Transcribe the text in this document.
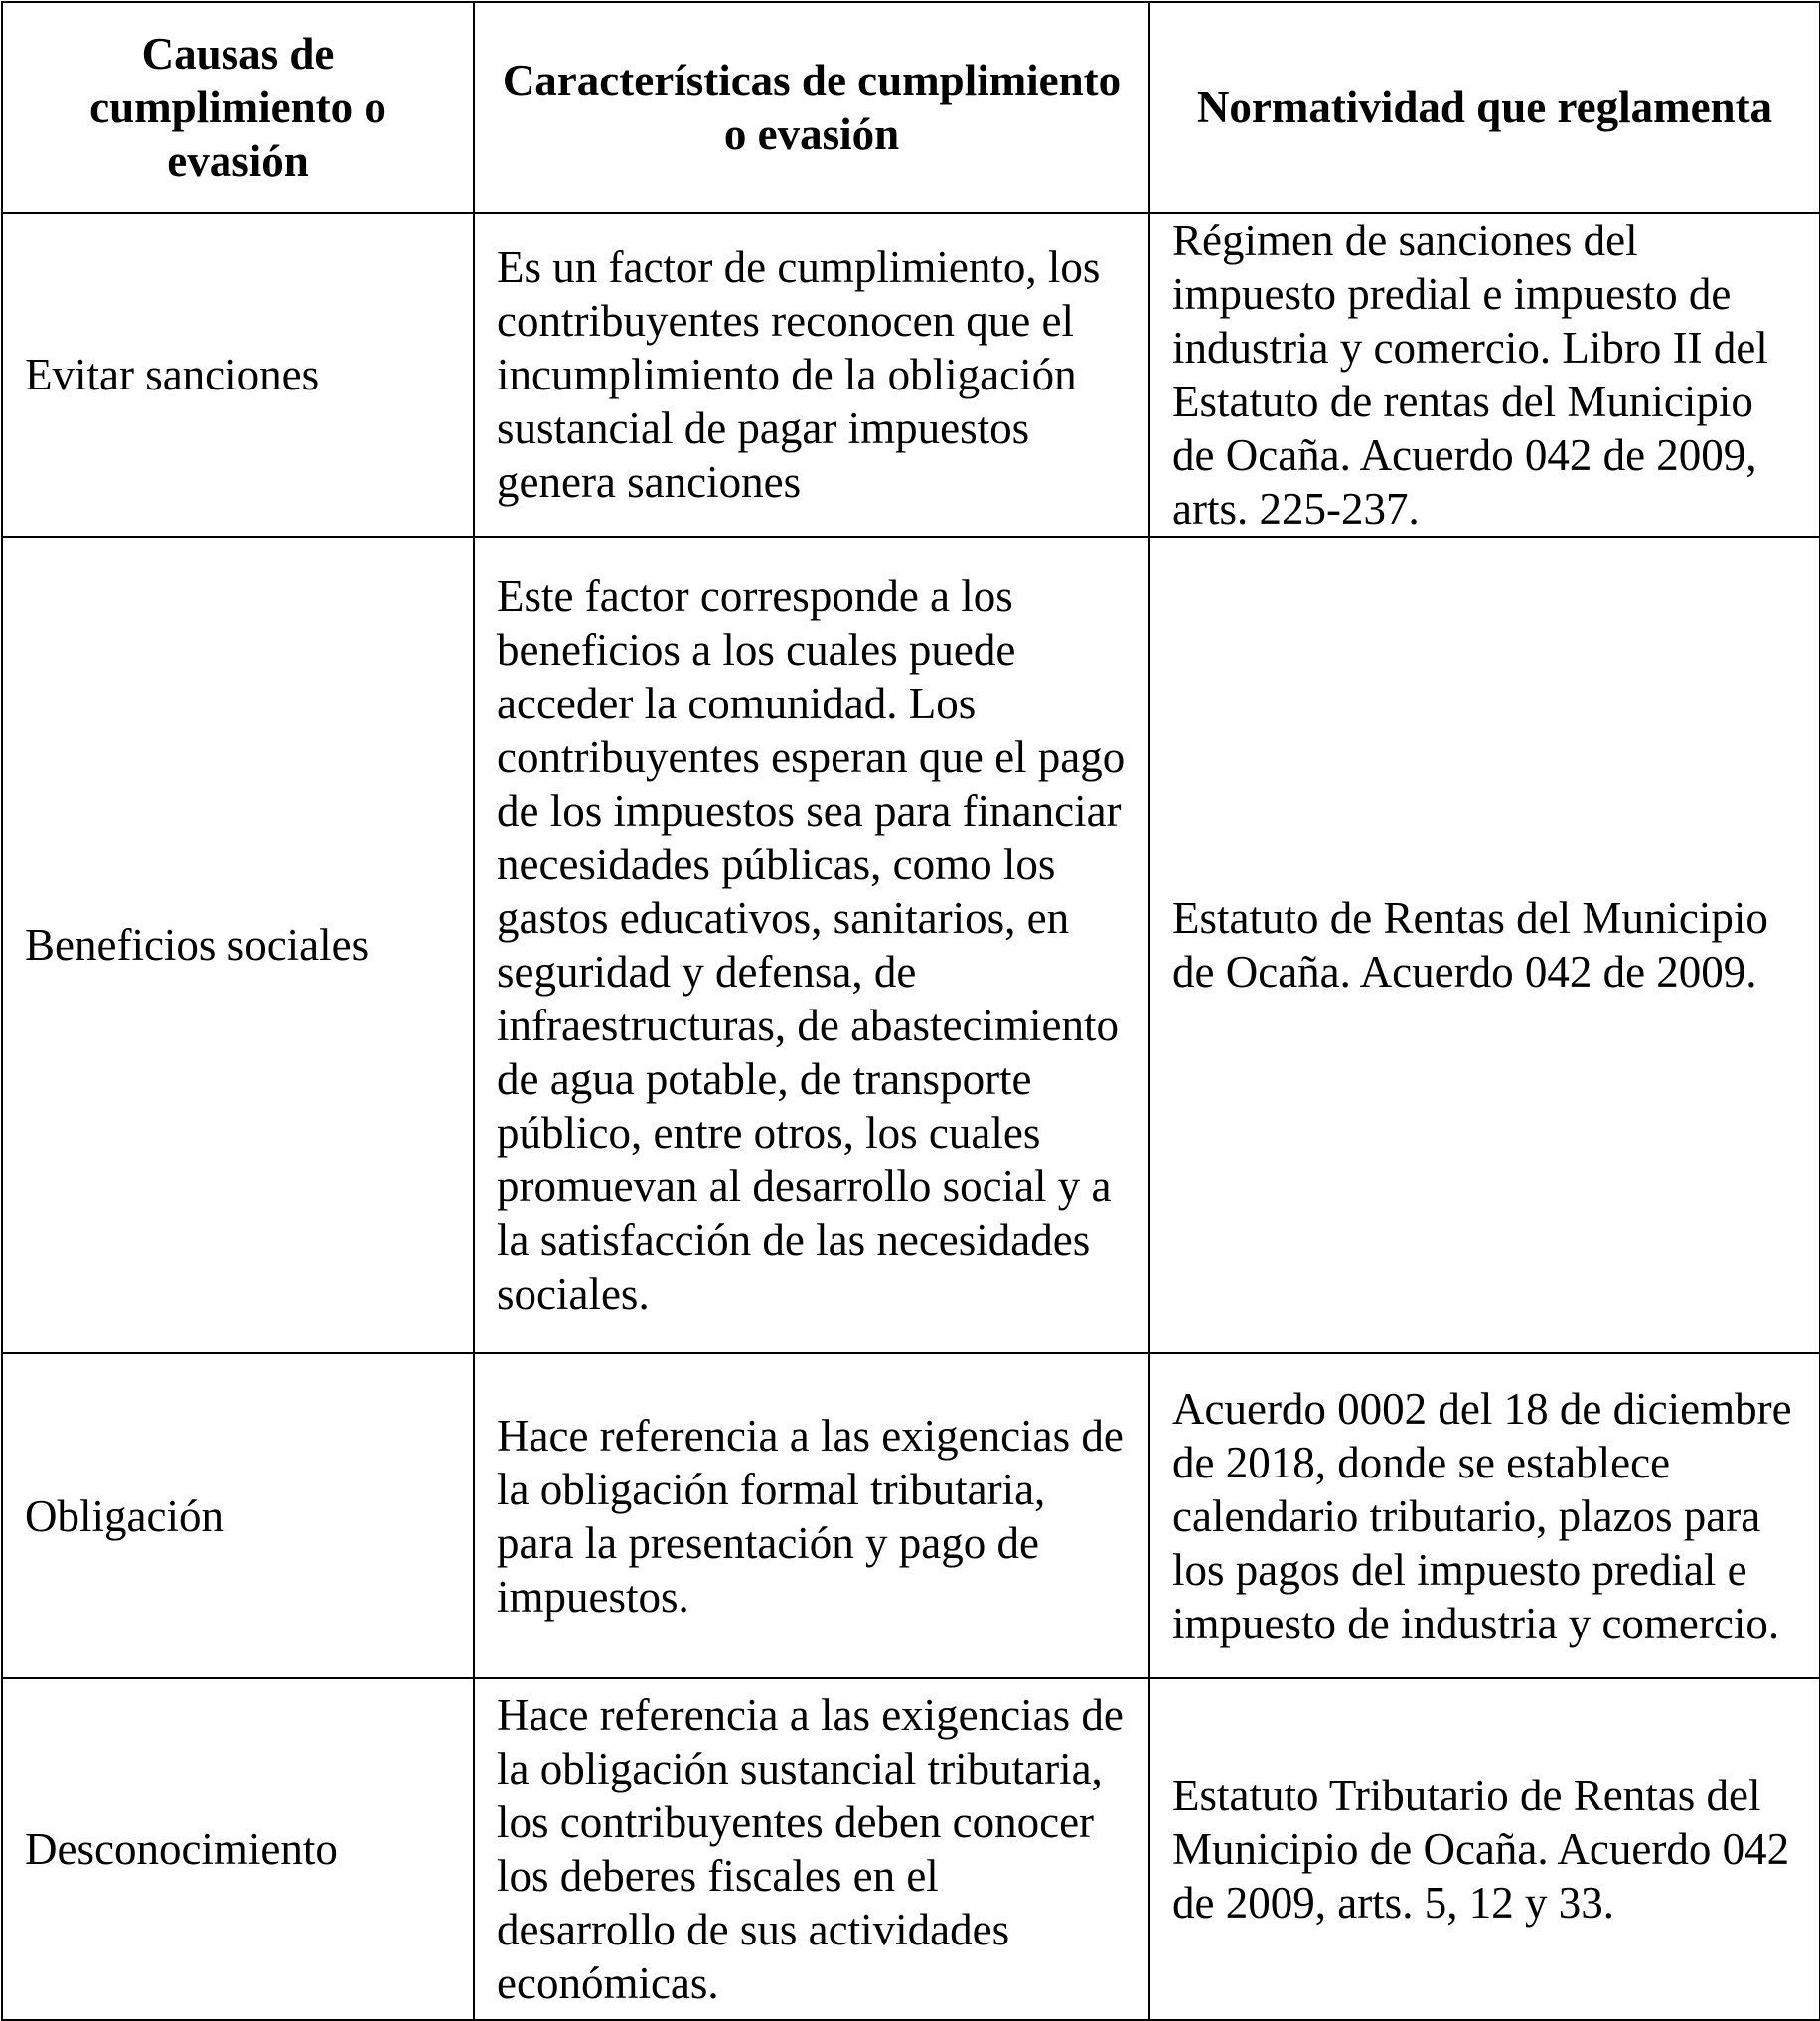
Causas de cumplimiento o evasión	Características de cumplimiento o evasión	Normatividad que reglamenta
Evitar sanciones	Es un factor de cumplimiento, los contribuyentes reconocen que el incumplimiento de la obligación sustancial de pagar impuestos genera sanciones	Régimen de sanciones del impuesto predial e impuesto de industria y comercio. Libro II del Estatuto de rentas del Municipio de Ocaña. Acuerdo 042 de 2009, arts. 225-237.
Beneficios sociales	Este factor corresponde a los beneficios a los cuales puede acceder la comunidad. Los contribuyentes esperan que el pago de los impuestos sea para financiar necesidades públicas, como los gastos educativos, sanitarios, en seguridad y defensa, de infraestructuras, de abastecimiento de agua potable, de transporte público, entre otros, los cuales promuevan al desarrollo social y a la satisfacción de las necesidades sociales.	Estatuto de Rentas del Municipio de Ocaña. Acuerdo 042 de 2009.
Obligación	Hace referencia a las exigencias de la obligación formal tributaria, para la presentación y pago de impuestos.	Acuerdo 0002 del 18 de diciembre de 2018, donde se establece calendario tributario, plazos para los pagos del impuesto predial e impuesto de industria y comercio.
Desconocimiento	Hace referencia a las exigencias de la obligación sustancial tributaria, los contribuyentes deben conocer los deberes fiscales en el desarrollo de sus actividades económicas.	Estatuto Tributario de Rentas del Municipio de Ocaña. Acuerdo 042 de 2009, arts. 5, 12 y 33.
